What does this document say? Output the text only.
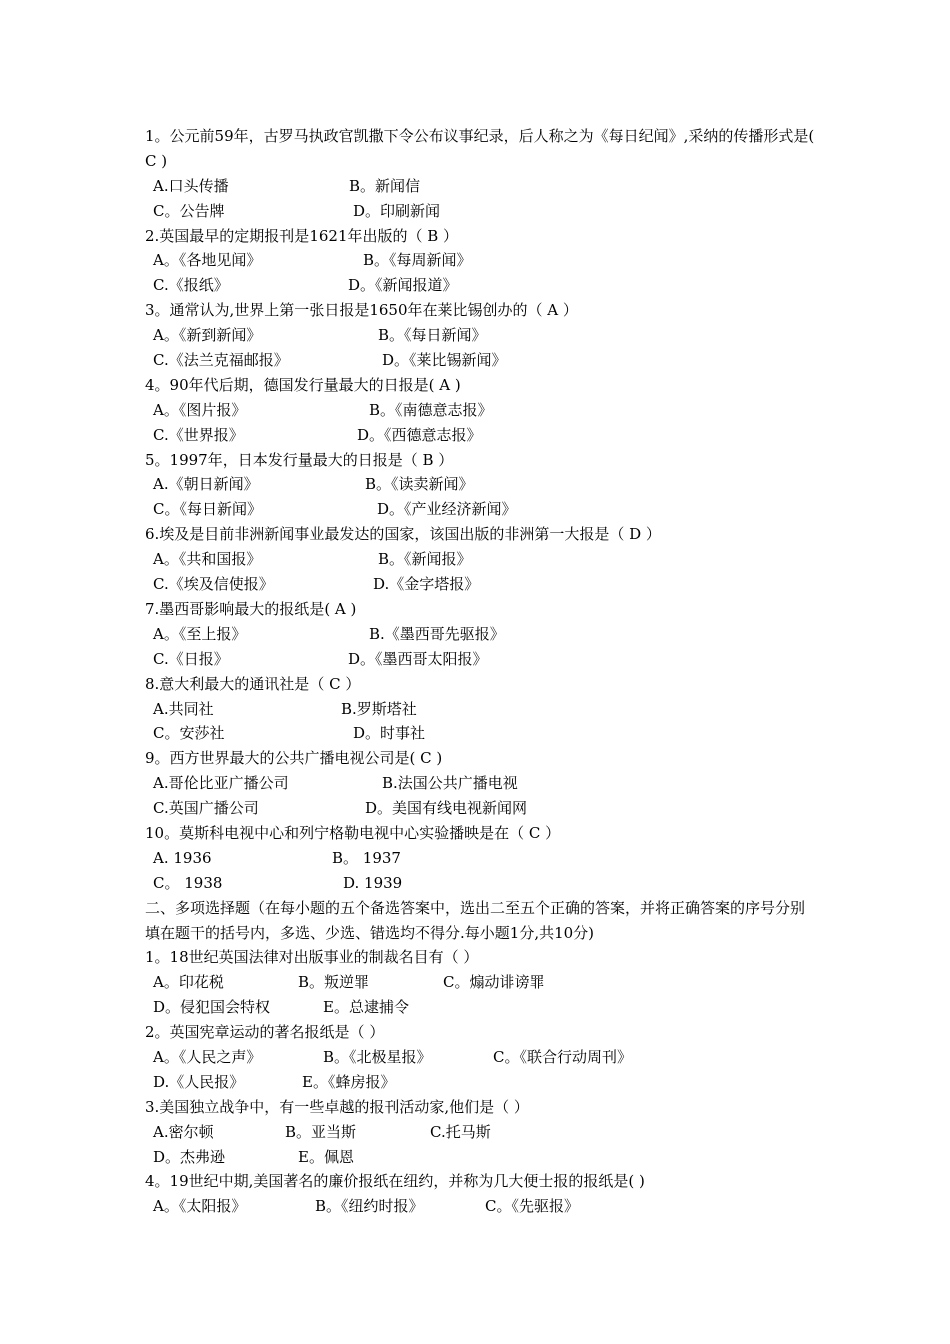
1。公元前59年，古罗马执政官凯撒下令公布议事纪录，后人称之为《每日纪闻》,采纳的传播形式是( C )
A.口头传播	B。新闻信
C。公告牌	D。印刷新闻
2.英国最早的定期报刊是1621年出版的（ B ）
A。《各地见闻》	B。《每周新闻》
C.《报纸》	D。《新闻报道》
3。通常认为,世界上第一张日报是1650年在莱比锡创办的（ A ）
A。《新到新闻》	B。《每日新闻》
C.《法兰克福邮报》	D。《莱比锡新闻》
4。90年代后期，德国发行量最大的日报是( A )
A。《图片报》	B。《南德意志报》
C.《世界报》	D。《西德意志报》
5。1997年，日本发行量最大的日报是（ B ）
A.《朝日新闻》	B。《读卖新闻》
C。《每日新闻》	D。《产业经济新闻》
6.埃及是目前非洲新闻事业最发达的国家，该国出版的非洲第一大报是（ D ）
A。《共和国报》	B。《新闻报》
C.《埃及信使报》	D.《金字塔报》
7.墨西哥影响最大的报纸是( A )
A。《至上报》	B.《墨西哥先驱报》
C.《日报》	D。《墨西哥太阳报》
8.意大利最大的通讯社是（ C ）
A.共同社	B.罗斯塔社
C。安莎社	D。时事社
9。西方世界最大的公共广播电视公司是( C )
A.哥伦比亚广播公司	B.法国公共广播电视
C.英国广播公司	D。美国有线电视新闻网
10。莫斯科电视中心和列宁格勒电视中心实验播映是在（ C ）
A. 1936	B。 1937
C。 1938	D. 1939
二、多项选择题（在每小题的五个备选答案中，选出二至五个正确的答案，并将正确答案的序号分别填在题干的括号内，多选、少选、错选均不得分.每小题1分,共10分)
1。18世纪英国法律对出版事业的制裁名目有（ ）
A。印花税	B。叛逆罪	C。煽动诽谤罪
D。侵犯国会特权	E。总逮捕令
2。英国宪章运动的著名报纸是（ ）
A。《人民之声》	B。《北极星报》	C。《联合行动周刊》
D.《人民报》	E。《蜂房报》
3.美国独立战争中，有一些卓越的报刊活动家,他们是（ ）
A.密尔顿	B。亚当斯	C.托马斯
D。杰弗逊	E。佩恩
4。19世纪中期,美国著名的廉价报纸在纽约，并称为几大便士报的报纸是( )
A。《太阳报》	B。《纽约时报》	C。《先驱报》
